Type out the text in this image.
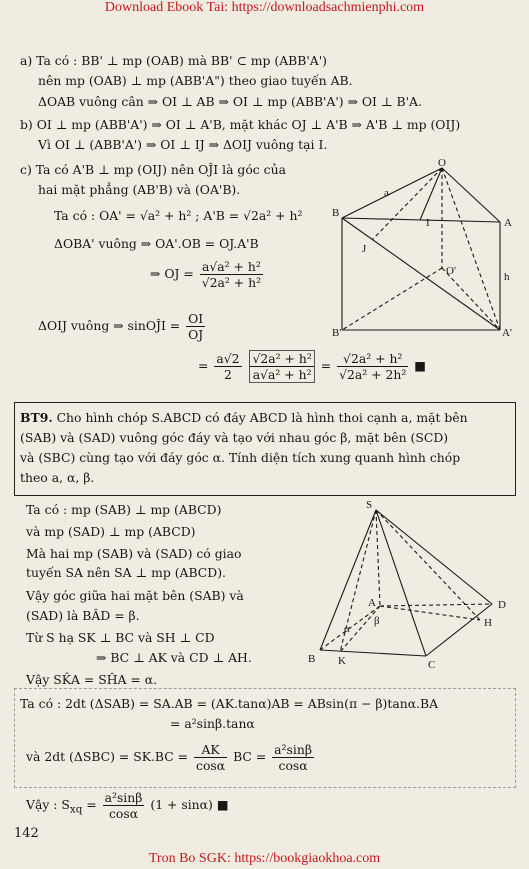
Download Ebook Tai: https://downloadsachmienphi.com
Tron Bo SGK: https://bookgiaokhoa.com
a) Ta có : BB' ⊥ mp (OAB) mà BB' ⊂ mp (ABB'A')
nên mp (OAB) ⊥ mp (ABB'A") theo giao tuyến AB.
ΔOAB vuông cân ⇒ OI ⊥ AB ⇒ OI ⊥ mp (ABB'A') ⇒ OI ⊥ B'A.
b) OI ⊥ mp (ABB'A') ⇒ OI ⊥ A'B, mặt khác OJ ⊥ A'B ⇒ A'B ⊥ mp (OIJ)
Vì OI ⊥ (ABB'A') ⇒ OI ⊥ IJ ⇒ ΔOIJ vuông tại I.
c) Ta có A'B ⊥ mp (OIJ) nên OĴI là góc của
hai mặt phẳng (AB'B) và (OA'B).
Ta có : OA' = √a² + h² ; A'B = √2a² + h²
ΔOBA' vuông ⇒ OA'.OB = OJ.A'B
⇒ OJ = $\frac{\text{a√a² + h²}}{\text{√2a² + h²}}$
ΔOIJ vuông ⇒ sinOĴI = $\frac{OI}{OJ}$
= $\frac{a√2}{2}$
$\frac{\text{√2a² + h²}}{\text{a√a² + h²}} = \frac{\text{√2a² + h²}}{\text{√2a² + 2h²}}$ ■
O
a
B
I
J
A
O'	h
B'	A'
BT9. Cho hình chóp S.ABCD có đáy ABCD là hình thoi cạnh a, mặt bên
(SAB) và (SAD) vuông góc đáy và tạo với nhau góc β, mặt bên (SCD)
và (SBC) cùng tạo với đáy góc α. Tính diện tích xung quanh hình chóp
theo a, α, β.
Ta có : mp (SAB) ⊥ mp (ABCD)
và mp (SAD) ⊥ mp (ABCD)
Mà hai mp (SAB) và (SAD) có giao
tuyến SA nên SA ⊥ mp (ABCD).
Vậy góc giữa hai mặt bên (SAB) và
(SAD) là BÂD = β.
Từ S hạ SK ⊥ BC và SH ⊥ CD
⇒ BC ⊥ AK và CD ⊥ AH.
Vậy SK̂A = SĤA = α.
S
A	D
α
β	H
B K	C
Ta có : 2dt (ΔSAB) = SA.AB = (AK.tanα)AB = ABsin(π − β)tanα.BA
= a²sinβ.tanα
và 2dt $(\Delta SBC) = SK.BC = \frac{AK}{\cos\alpha}$ BC = $\frac{\text{a²sinβ}}{\cos\alpha}$
Vậy : $S_{xq} = \frac{\text{a²sinβ}}{\cos\alpha} (1 + \sin\alpha)$ ■
142
